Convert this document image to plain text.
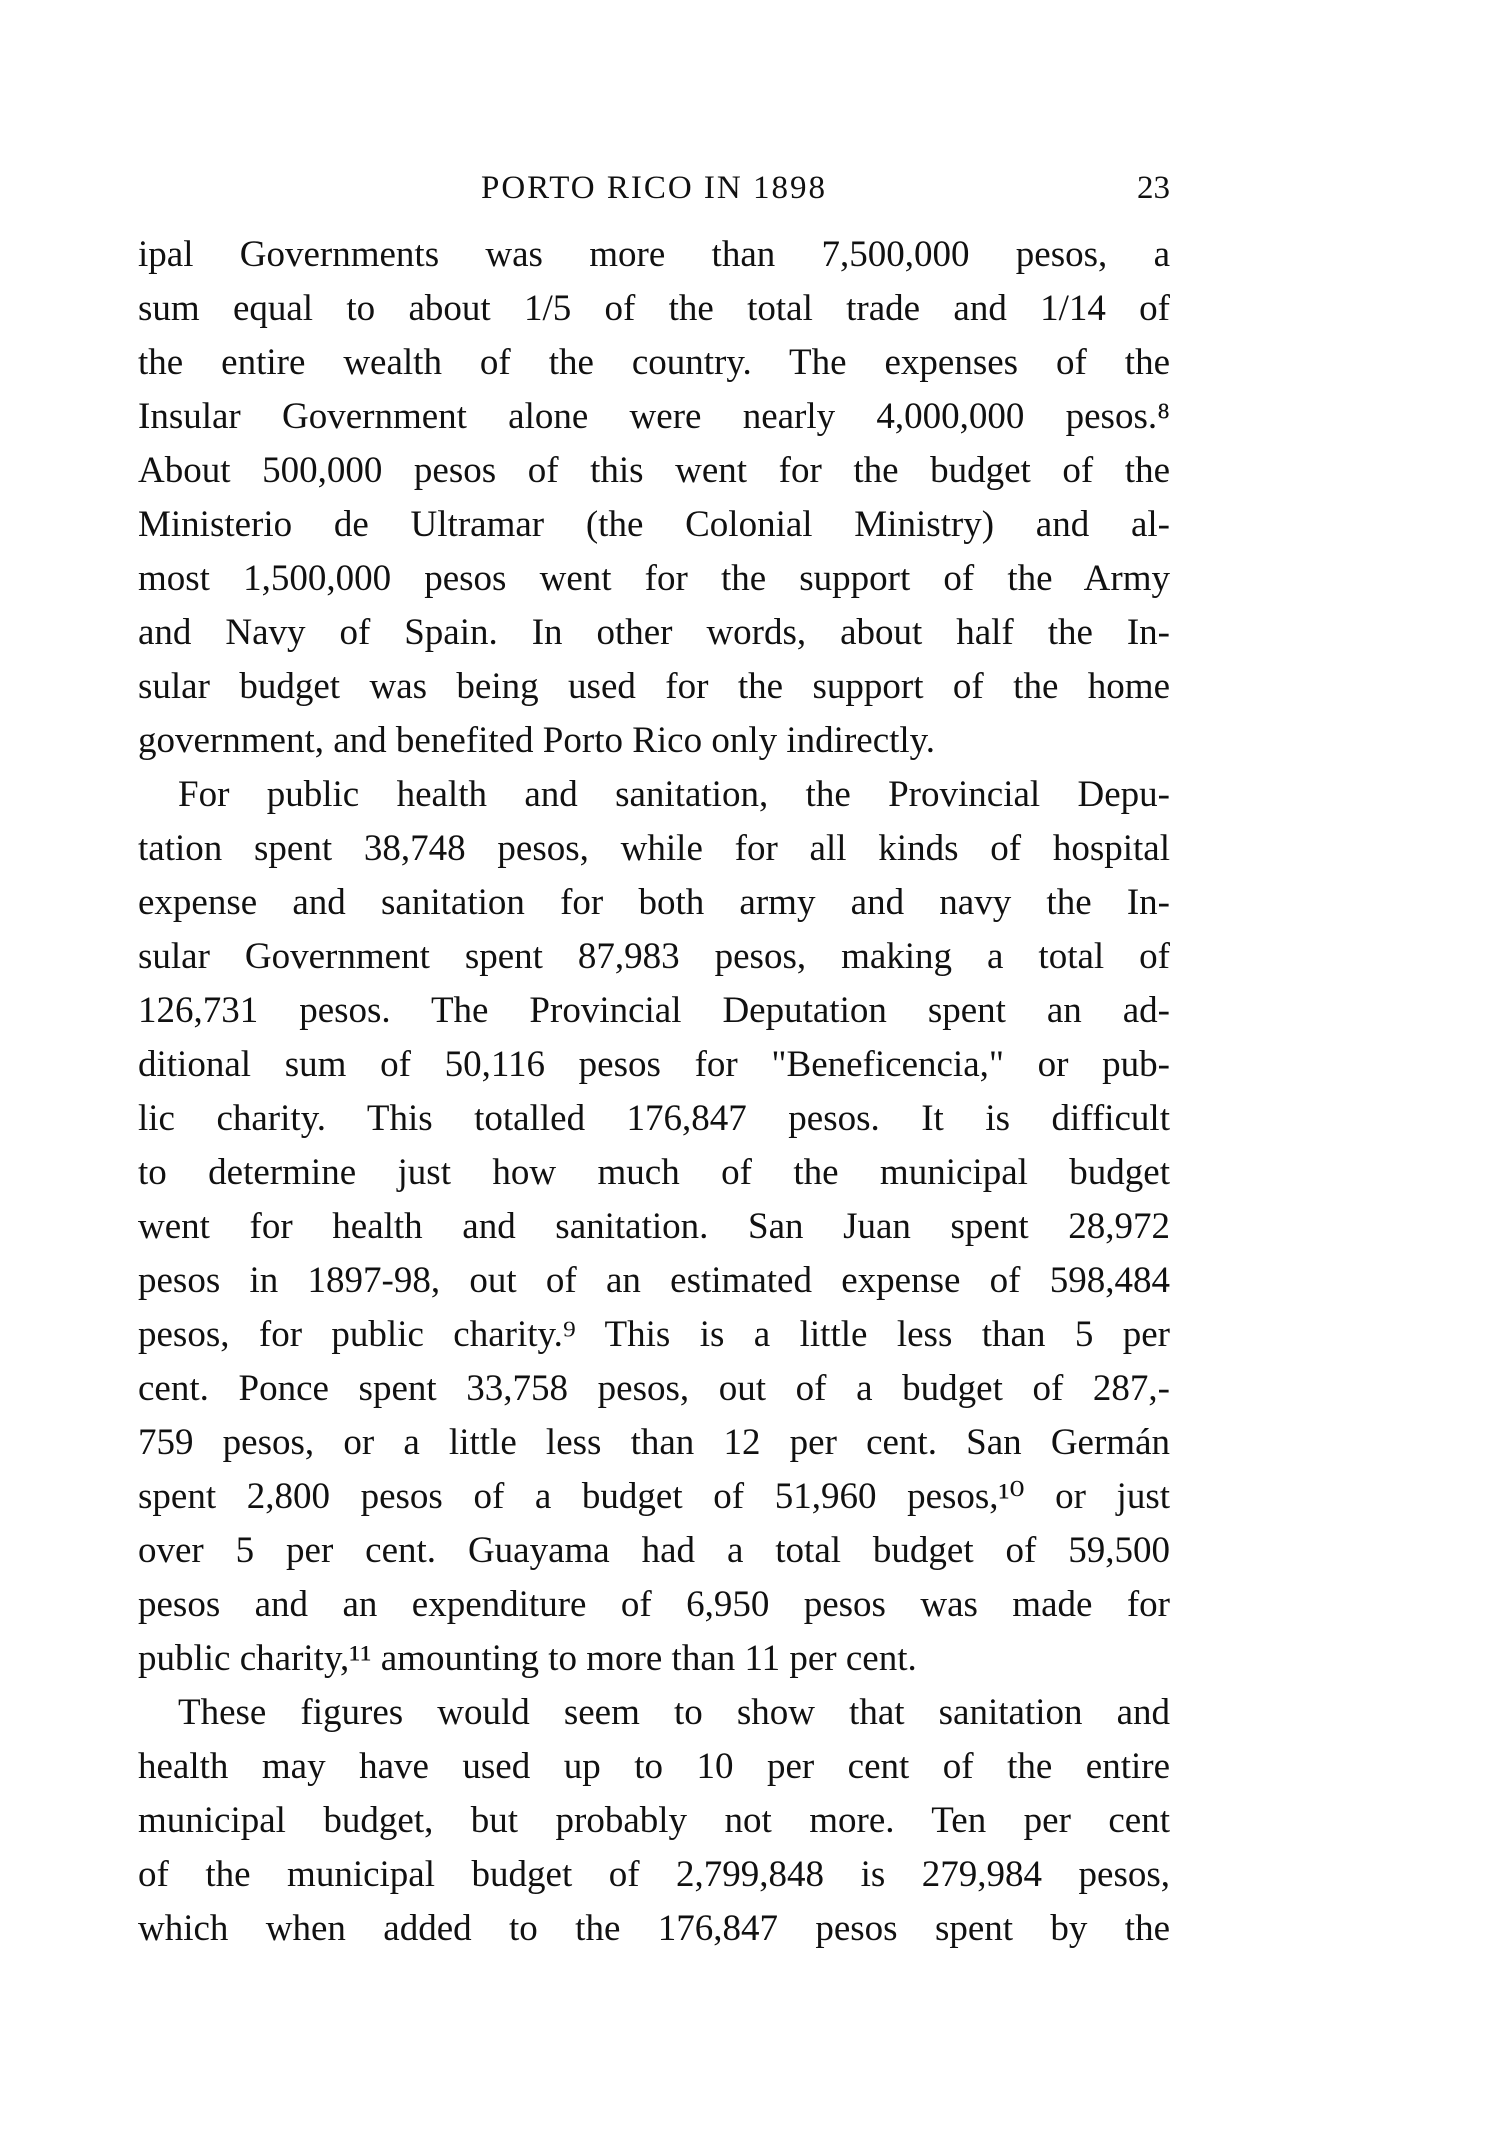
PORTO RICO IN 1898	23
ipal Governments was more than 7,500,000 pesos, a
sum equal to about 1/5 of the total trade and 1/14 of
the entire wealth of the country. The expenses of the
Insular Government alone were nearly 4,000,000 pesos.⁸
About 500,000 pesos of this went for the budget of the
Ministerio de Ultramar (the Colonial Ministry) and al-
most 1,500,000 pesos went for the support of the Army
and Navy of Spain. In other words, about half the In-
sular budget was being used for the support of the home
government, and benefited Porto Rico only indirectly.
For public health and sanitation, the Provincial Depu-
tation spent 38,748 pesos, while for all kinds of hospital
expense and sanitation for both army and navy the In-
sular Government spent 87,983 pesos, making a total of
126,731 pesos. The Provincial Deputation spent an ad-
ditional sum of 50,116 pesos for "Beneficencia," or pub-
lic charity. This totalled 176,847 pesos. It is difficult
to determine just how much of the municipal budget
went for health and sanitation. San Juan spent 28,972
pesos in 1897-98, out of an estimated expense of 598,484
pesos, for public charity.⁹ This is a little less than 5 per
cent. Ponce spent 33,758 pesos, out of a budget of 287,-
759 pesos, or a little less than 12 per cent. San Germán
spent 2,800 pesos of a budget of 51,960 pesos,¹⁰ or just
over 5 per cent. Guayama had a total budget of 59,500
pesos and an expenditure of 6,950 pesos was made for
public charity,¹¹ amounting to more than 11 per cent.
These figures would seem to show that sanitation and
health may have used up to 10 per cent of the entire
municipal budget, but probably not more. Ten per cent
of the municipal budget of 2,799,848 is 279,984 pesos,
which when added to the 176,847 pesos spent by the
